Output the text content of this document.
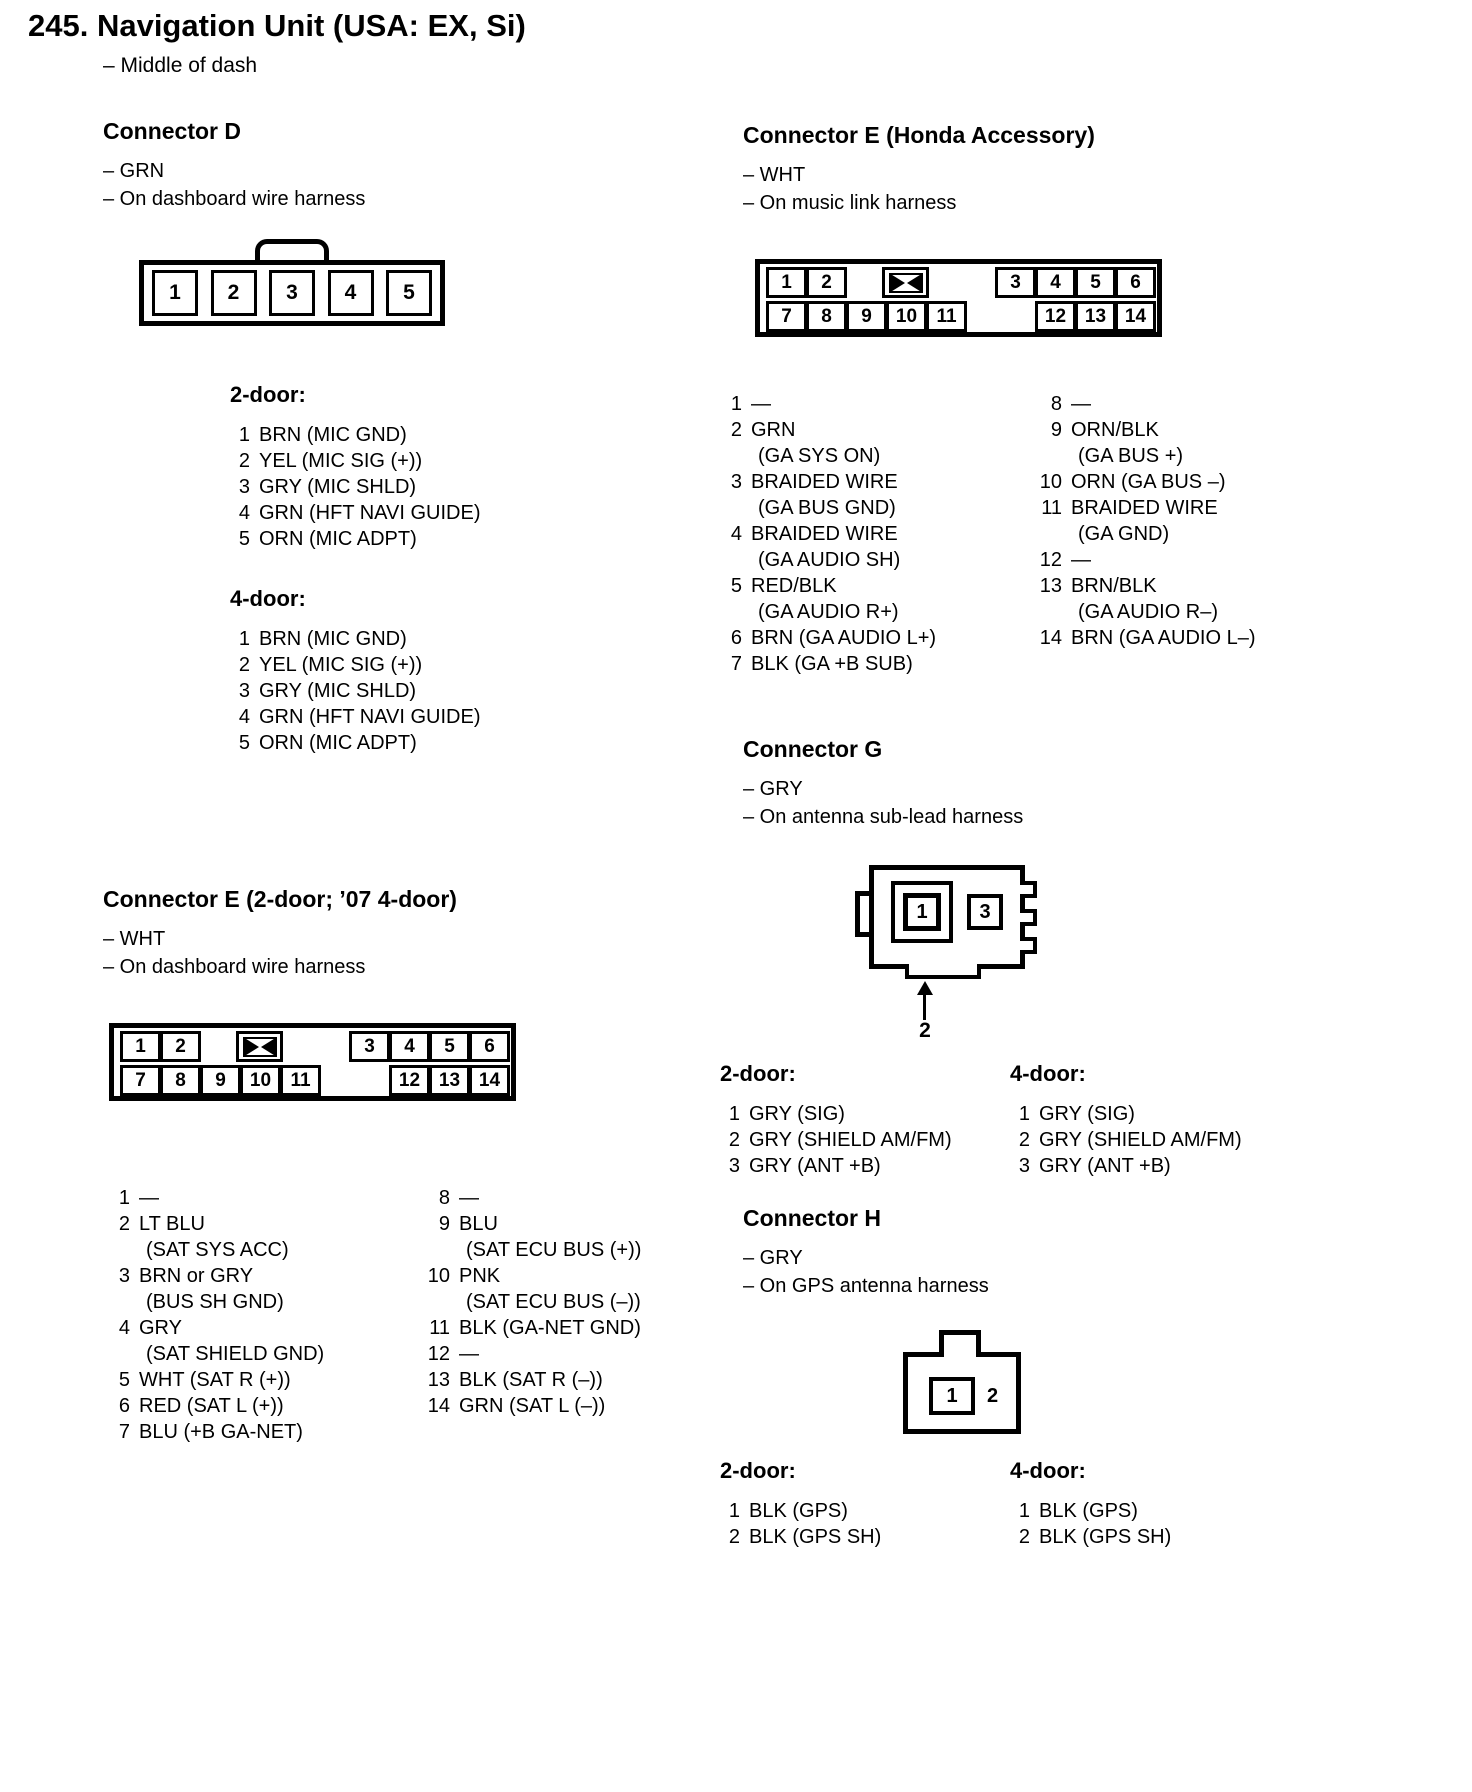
245. Navigation Unit (USA: EX, Si)
– Middle of dash
Connector D
– GRN
– On dashboard wire harness
1	2	3	4	5
2-door:
1 BRN (MIC GND)
2 YEL (MIC SIG (+))
3 GRY (MIC SHLD)
4 GRN (HFT NAVI GUIDE)
5 ORN (MIC ADPT)
4-door:
1 BRN (MIC GND)
2 YEL (MIC SIG (+))
3 GRY (MIC SHLD)
4 GRN (HFT NAVI GUIDE)
5 ORN (MIC ADPT)
Connector E (Honda Accessory)
– WHT
– On music link harness
1	2	3	4	5	6
7	8	9	10	11	12 13 14
1 —
2 GRN
(GA SYS ON)
3 BRAIDED WIRE
(GA BUS GND)
4 BRAIDED WIRE
(GA AUDIO SH)
5 RED/BLK
(GA AUDIO R+)
6 BRN (GA AUDIO L+)
7 BLK (GA +B SUB)
8 —
9 ORN/BLK
(GA BUS +)
10 ORN (GA BUS –)
11 BRAIDED WIRE
(GA GND)
12 —
13 BRN/BLK
(GA AUDIO R–)
14 BRN (GA AUDIO L–)
Connector G
– GRY
– On antenna sub-lead harness
1	3
2
2-door:
1 GRY (SIG)
2 GRY (SHIELD AM/FM)
3 GRY (ANT +B)
4-door:
1 GRY (SIG)
2 GRY (SHIELD AM/FM)
3 GRY (ANT +B)
Connector E (2-door; ’07 4-door)
– WHT
– On dashboard wire harness
1	2	3	4	5	6
7	8	9	10	11	12 13 14
1 —
2 LT BLU
(SAT SYS ACC)
3 BRN or GRY
(BUS SH GND)
4 GRY
(SAT SHIELD GND)
5 WHT (SAT R (+))
6 RED (SAT L (+))
7 BLU (+B GA-NET)
8 —
9 BLU
(SAT ECU BUS (+))
10 PNK
(SAT ECU BUS (–))
11 BLK (GA-NET GND)
12 —
13 BLK (SAT R (–))
14 GRN (SAT L (–))
Connector H
– GRY
– On GPS antenna harness
1	2
2-door:
1 BLK (GPS)
2 BLK (GPS SH)
4-door:
1 BLK (GPS)
2 BLK (GPS SH)
